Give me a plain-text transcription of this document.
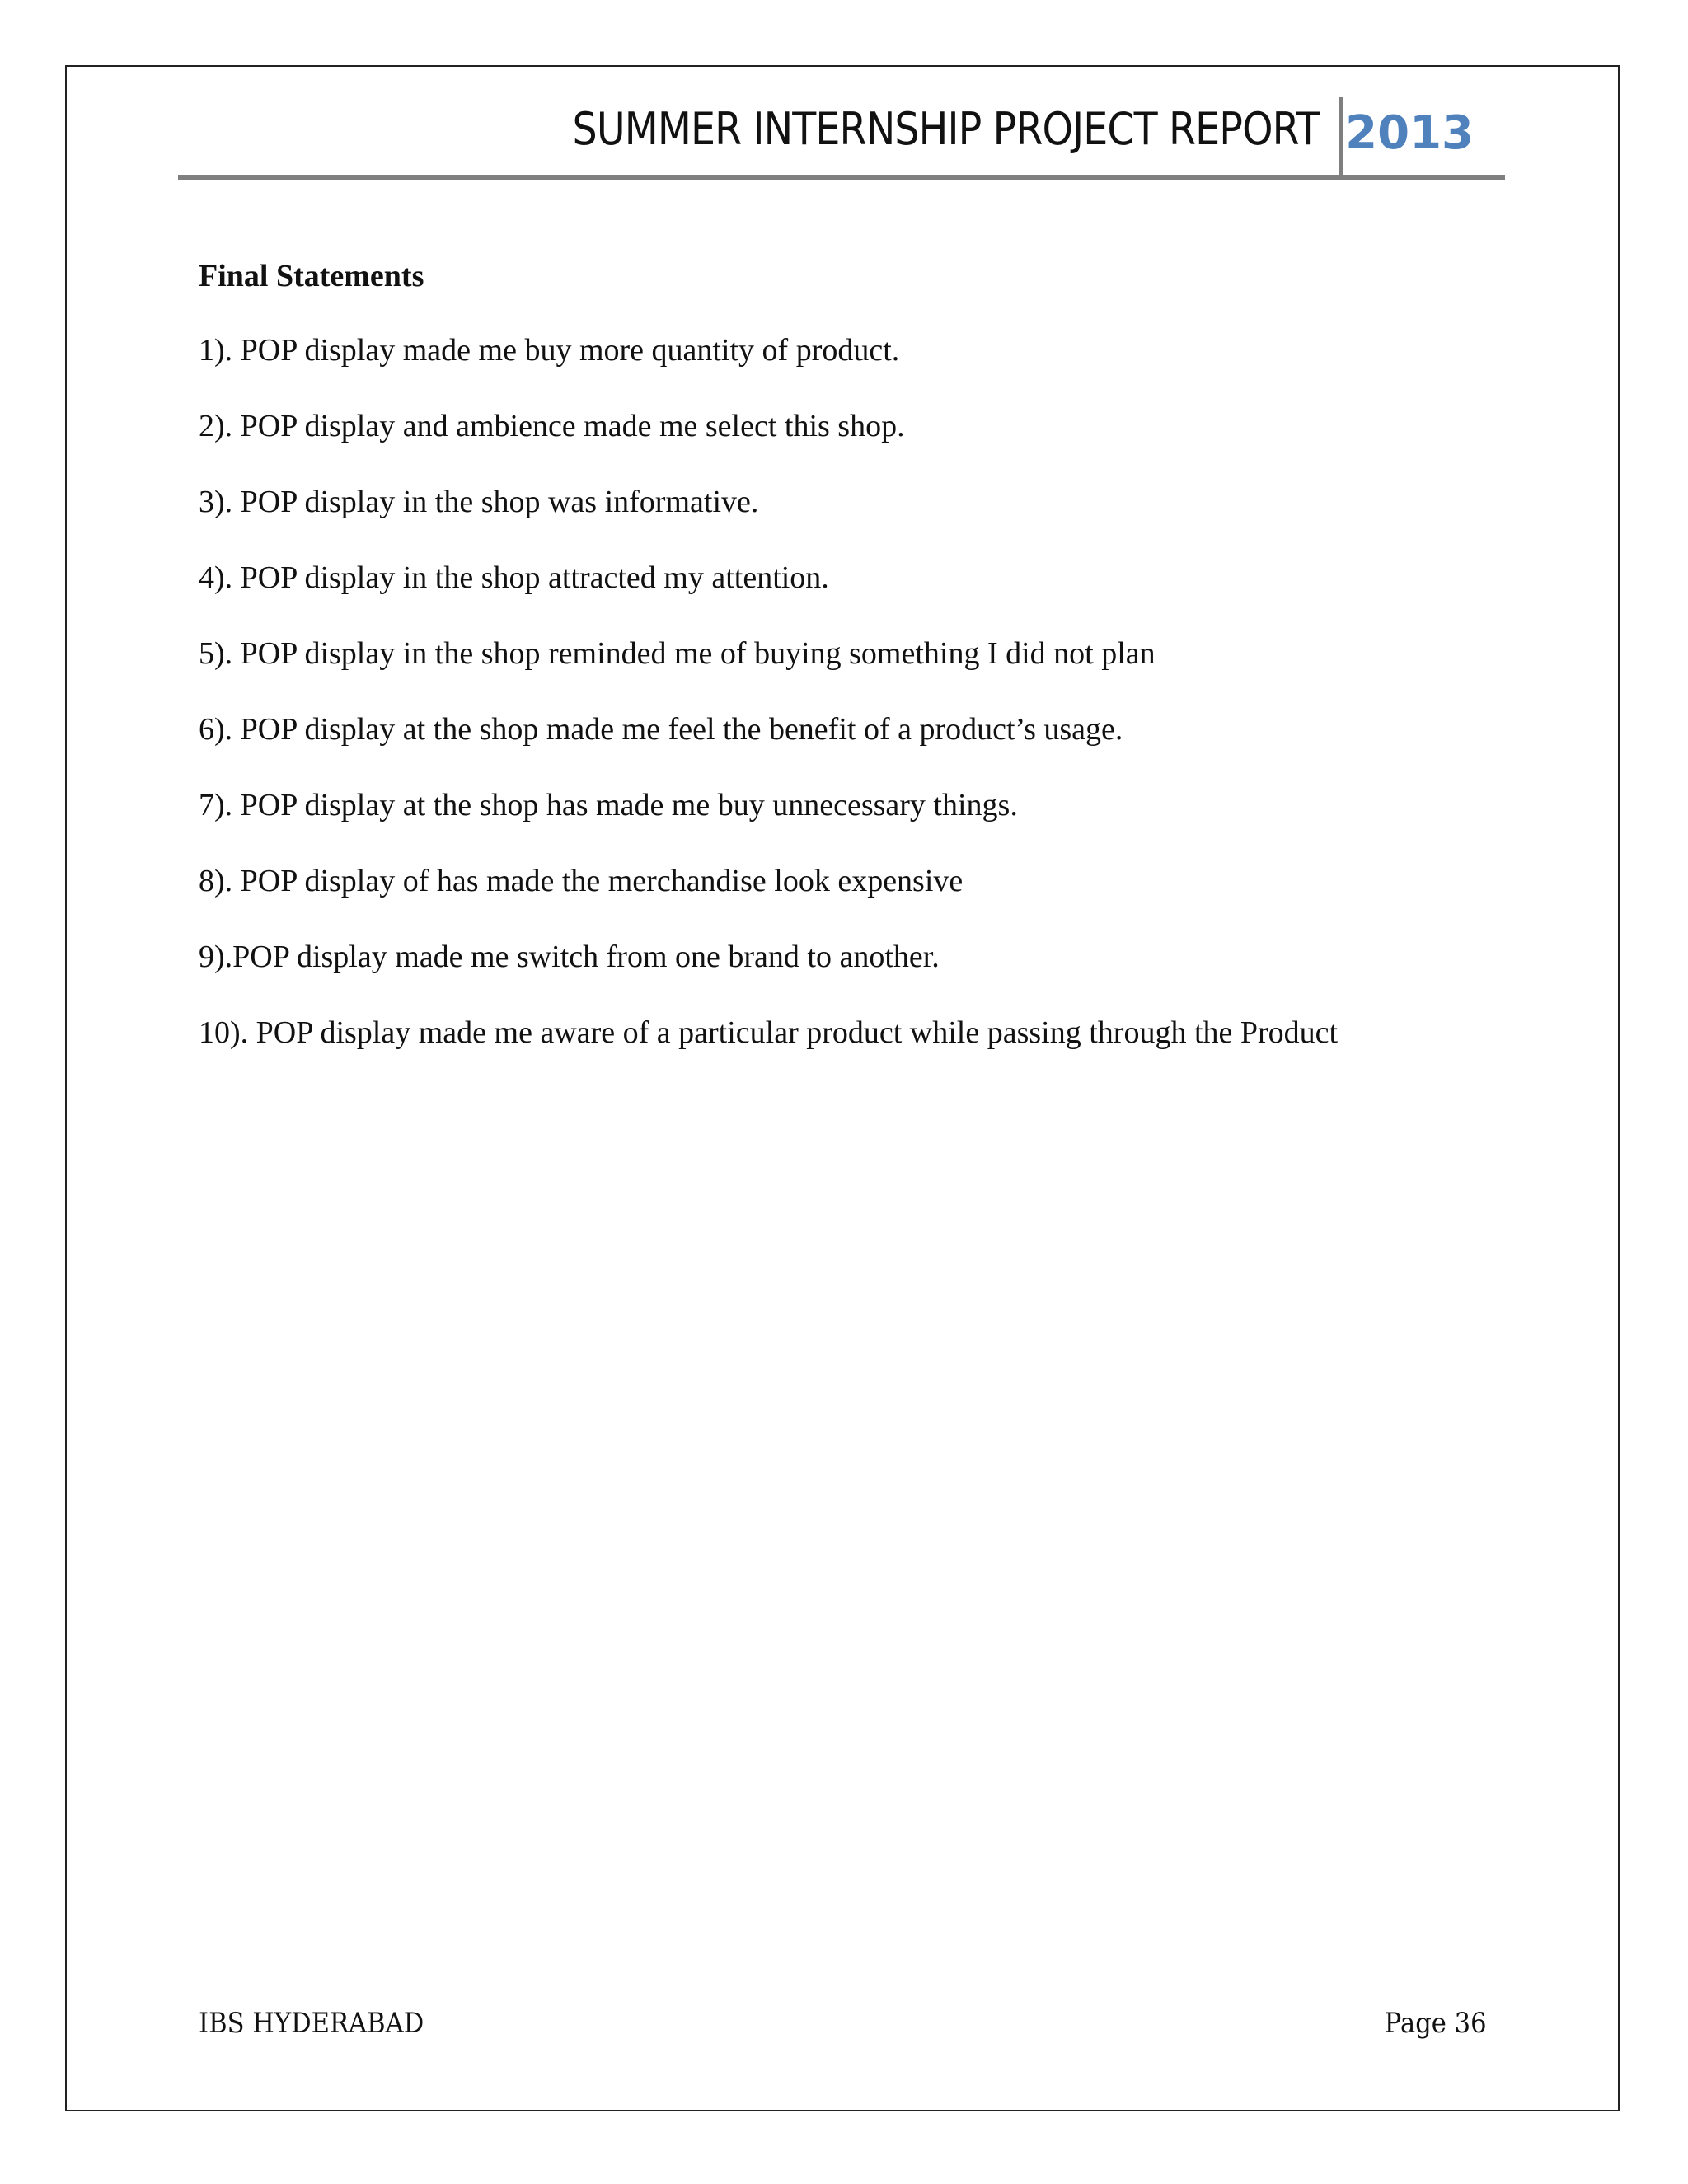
SUMMER INTERNSHIP PROJECT REPORT 2013

Final Statements

1). POP display made me buy more quantity of product.

2). POP display and ambience made me select this shop.

3). POP display in the shop was informative.

4). POP display in the shop attracted my attention.

5). POP display in the shop reminded me of buying something I did not plan

6). POP display at the shop made me feel the benefit of a product’s usage.

7). POP display at the shop has made me buy unnecessary things.

8). POP display of has made the merchandise look expensive

9).POP display made me switch from one brand to another.

10). POP display made me aware of a particular product while passing through the Product

IBS HYDERABAD	Page 36
